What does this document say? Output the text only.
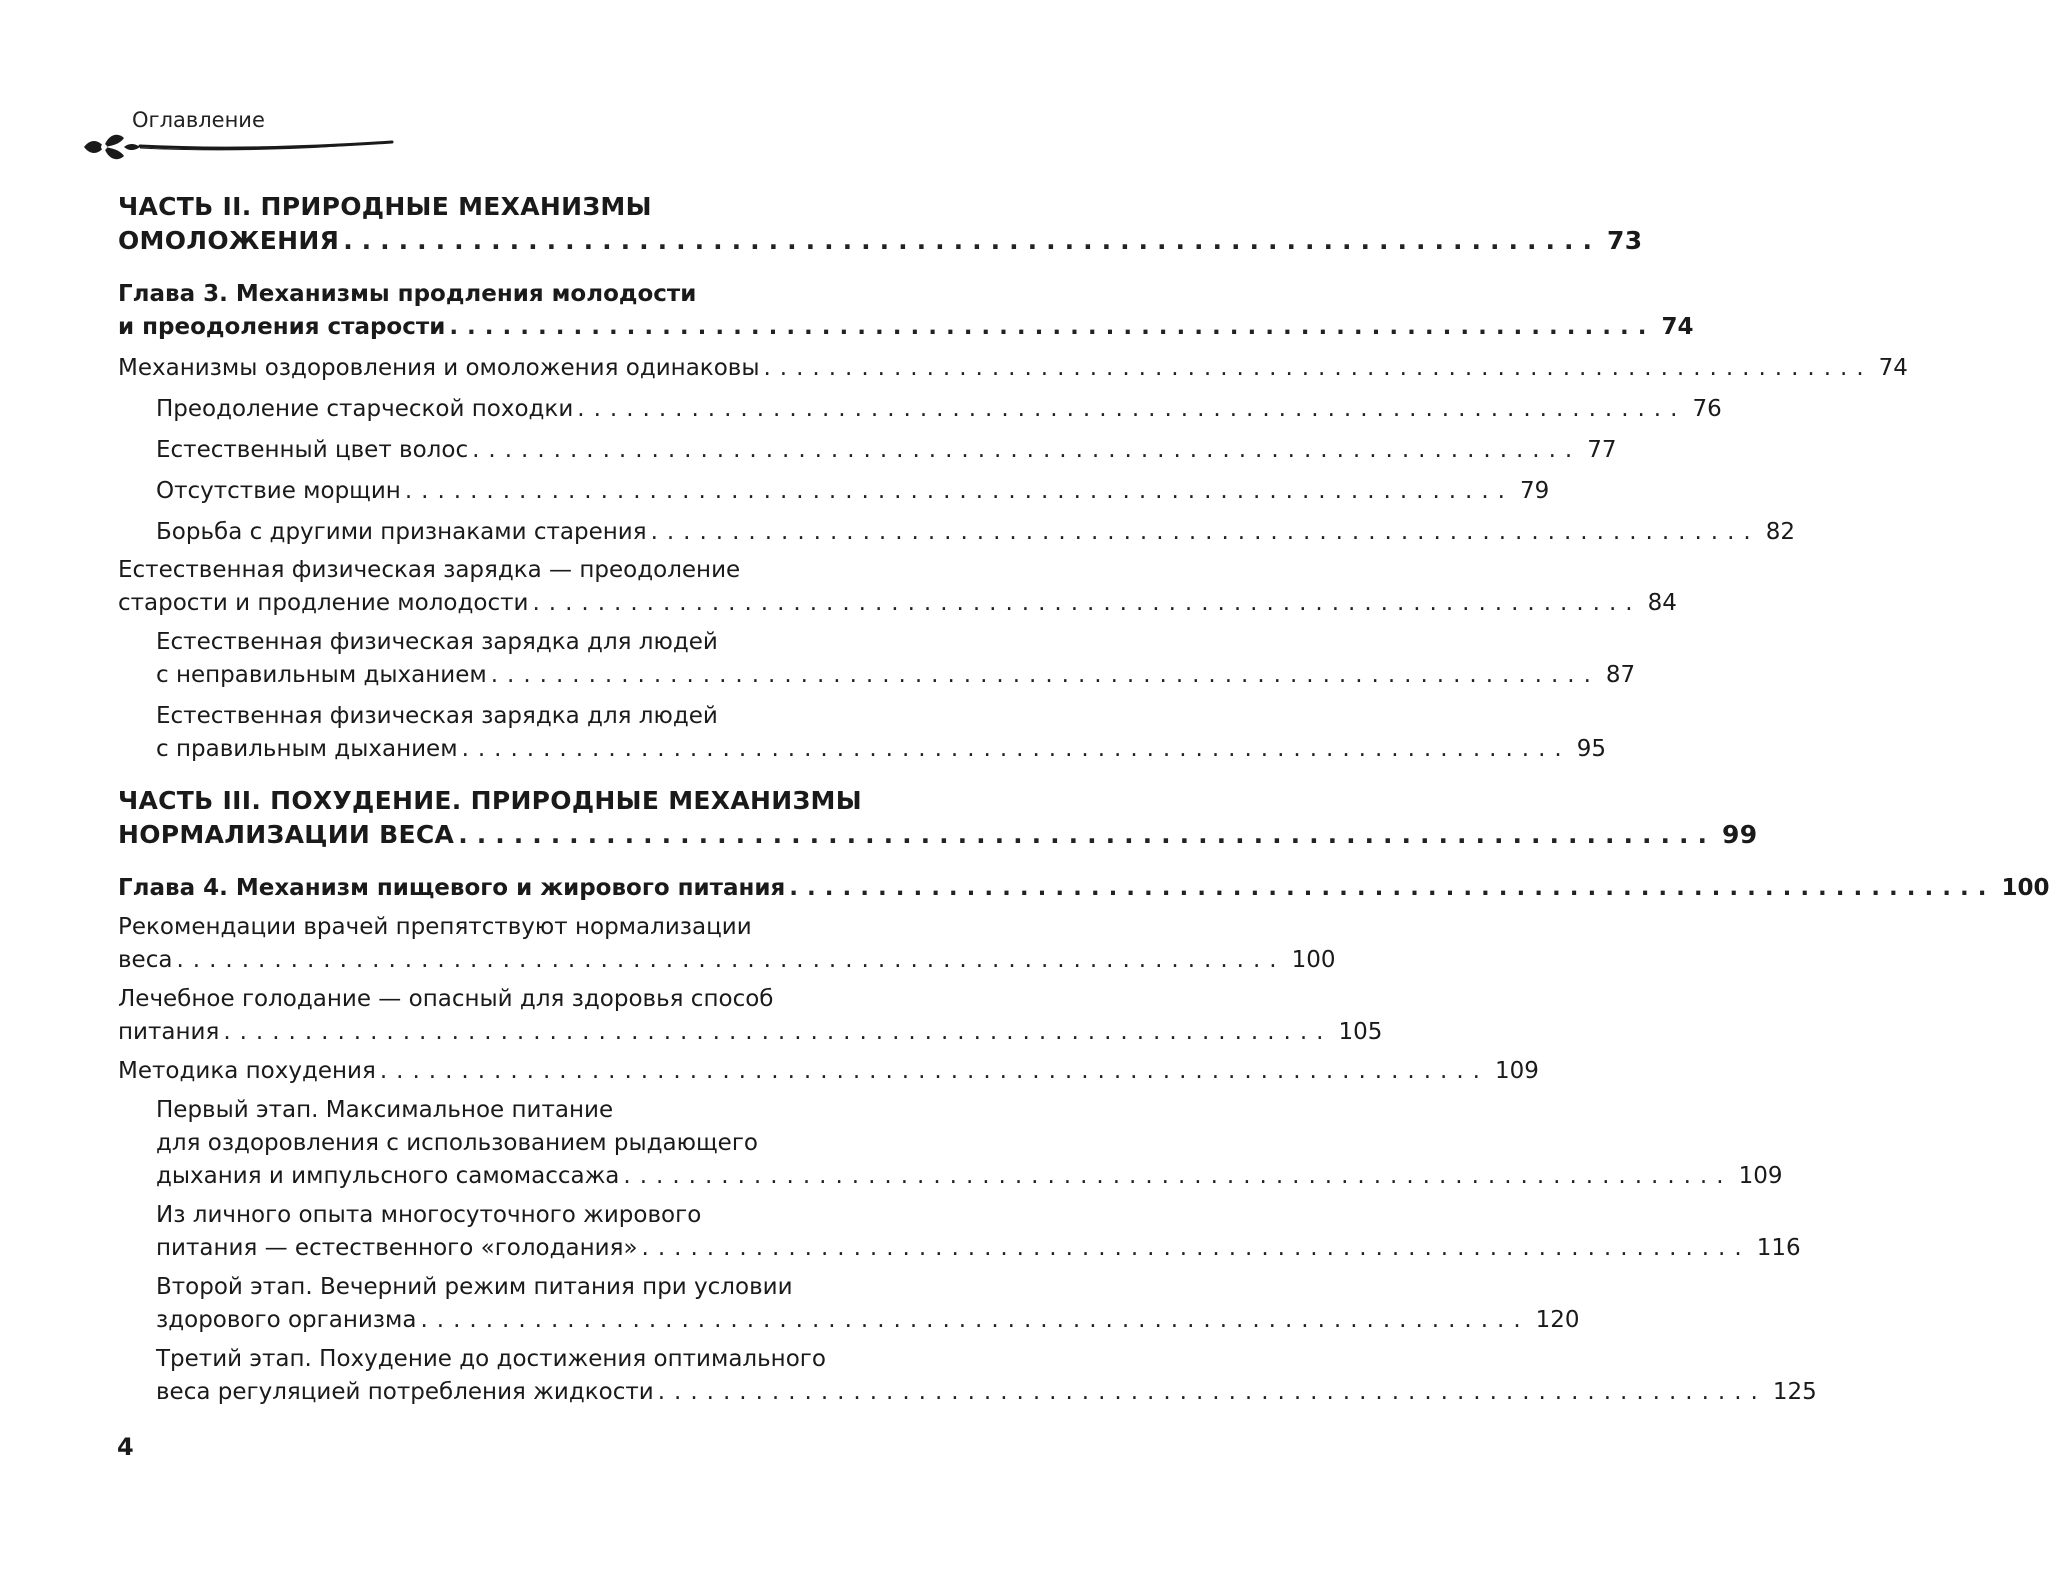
Оглавление
ЧАСТЬ II. ПРИРОДНЫЕ МЕХАНИЗМЫ
ОМОЛОЖЕНИЯ .................................................................... 73
Глава 3. Механизмы продления молодости
и преодоления старости .................................................................... 74
Механизмы оздоровления и омоложения одинаковы .................................................................... 74
Преодоление старческой походки .................................................................... 76
Естественный цвет волос .................................................................... 77
Отсутствие морщин .................................................................... 79
Борьба с другими признаками старения .................................................................... 82
Естественная физическая зарядка — преодоление
старости и продление молодости .................................................................... 84
Естественная физическая зарядка для людей
с неправильным дыханием .................................................................... 87
Естественная физическая зарядка для людей
с правильным дыханием .................................................................... 95
ЧАСТЬ III. ПОХУДЕНИЕ. ПРИРОДНЫЕ МЕХАНИЗМЫ
НОРМАЛИЗАЦИИ ВЕСА .................................................................... 99
Глава 4. Механизм пищевого и жирового питания .................................................................... 100
Рекомендации врачей препятствуют нормализации
веса .................................................................... 100
Лечебное голодание — опасный для здоровья способ
питания .................................................................... 105
Методика похудения .................................................................... 109
Первый этап. Максимальное питание
для оздоровления с использованием рыдающего
дыхания и импульсного самомассажа .................................................................... 109
Из личного опыта многосуточного жирового
питания — естественного «голодания» .................................................................... 116
Второй этап. Вечерний режим питания при условии
здорового организма .................................................................... 120
Третий этап. Похудение до достижения оптимального
веса регуляцией потребления жидкости .................................................................... 125
4
